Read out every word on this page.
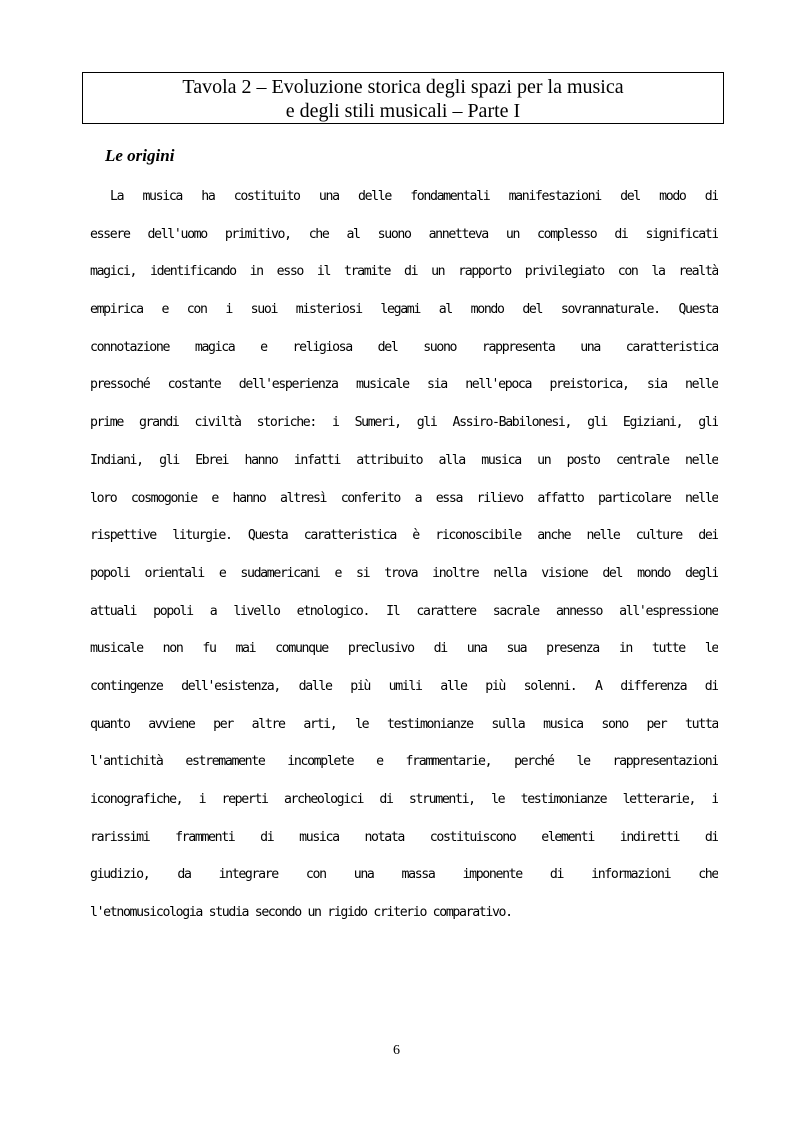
Tavola 2 – Evoluzione storica degli spazi per la musica
e degli stili musicali – Parte I
Le origini
La musica ha costituito una delle fondamentali manifestazioni del modo di
essere dell'uomo primitivo, che al suono annetteva un complesso di significati
magici, identificando in esso il tramite di un rapporto privilegiato con la realtà
empirica e con i suoi misteriosi legami al mondo del sovrannaturale. Questa
connotazione magica e religiosa del suono rappresenta una caratteristica
pressoché costante dell'esperienza musicale sia nell'epoca preistorica, sia nelle
prime grandi civiltà storiche: i Sumeri, gli Assiro-Babilonesi, gli Egiziani, gli
Indiani, gli Ebrei hanno infatti attribuito alla musica un posto centrale nelle
loro cosmogonie e hanno altresì conferito a essa rilievo affatto particolare nelle
rispettive liturgie. Questa caratteristica è riconoscibile anche nelle culture dei
popoli orientali e sudamericani e si trova inoltre nella visione del mondo degli
attuali popoli a livello etnologico. Il carattere sacrale annesso all'espressione
musicale non fu mai comunque preclusivo di una sua presenza in tutte le
contingenze dell'esistenza, dalle più umili alle più solenni. A differenza di
quanto avviene per altre arti, le testimonianze sulla musica sono per tutta
l'antichità estremamente incomplete e frammentarie, perché le rappresentazioni
iconografiche, i reperti archeologici di strumenti, le testimonianze letterarie, i
rarissimi frammenti di musica notata costituiscono elementi indiretti di
giudizio, da integrare con una massa imponente di informazioni che
l'etnomusicologia studia secondo un rigido criterio comparativo.
6
